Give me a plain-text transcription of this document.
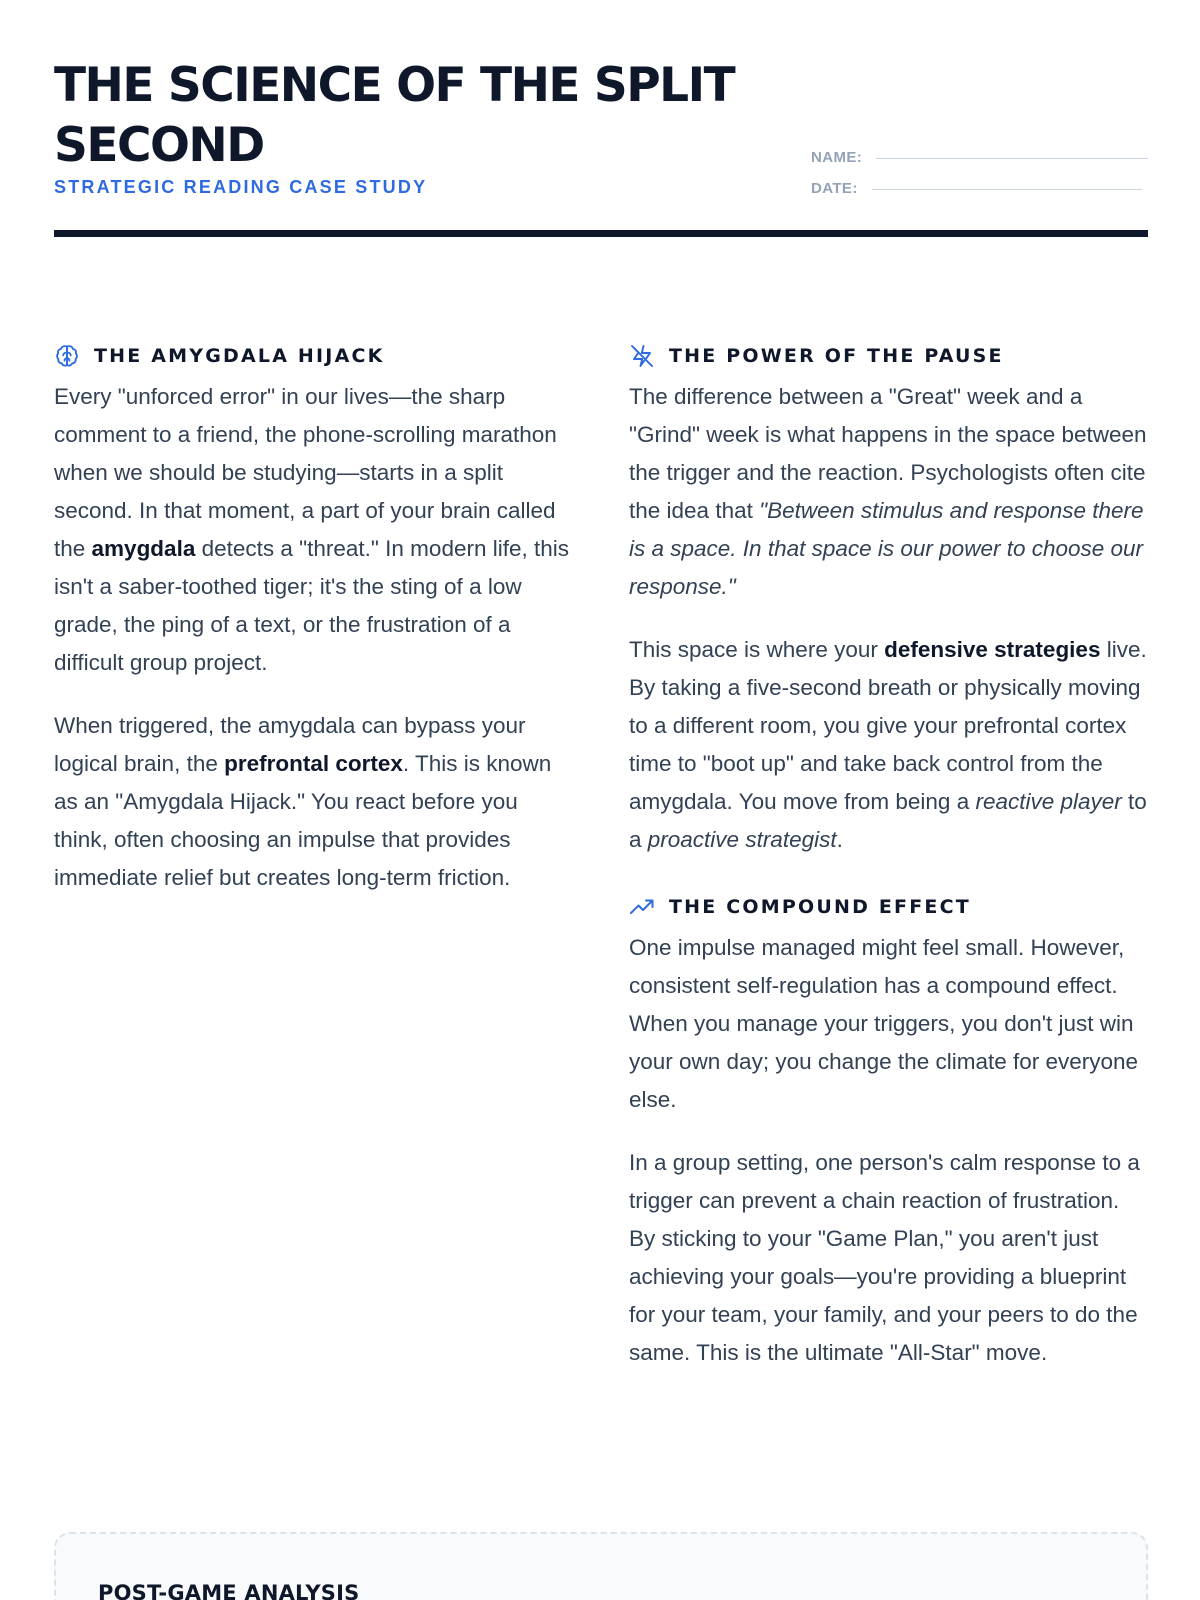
THE SCIENCE OF THE SPLIT SECOND
STRATEGIC READING CASE STUDY
NAME:
DATE:
THE AMYGDALA HIJACK

Every "unforced error" in our lives—the sharp comment to a friend, the phone-scrolling marathon when we should be studying—starts in a split second. In that moment, a part of your brain called the amygdala detects a "threat." In modern life, this isn't a saber-toothed tiger; it's the sting of a low grade, the ping of a text, or the frustration of a difficult group project.

When triggered, the amygdala can bypass your logical brain, the prefrontal cortex. This is known as an "Amygdala Hijack." You react before you think, often choosing an impulse that provides immediate relief but creates long-term friction.

THE POWER OF THE PAUSE

The difference between a "Great" week and a "Grind" week is what happens in the space between the trigger and the reaction. Psychologists often cite the idea that "Between stimulus and response there is a space. In that space is our power to choose our response."

This space is where your defensive strategies live. By taking a five-second breath or physically moving to a different room, you give your prefrontal cortex time to "boot up" and take back control from the amygdala. You move from being a reactive player to a proactive strategist.

THE COMPOUND EFFECT

One impulse managed might feel small. However, consistent self-regulation has a compound effect. When you manage your triggers, you don't just win your own day; you change the climate for everyone else.

In a group setting, one person's calm response to a trigger can prevent a chain reaction of frustration. By sticking to your "Game Plan," you aren't just achieving your goals—you're providing a blueprint for your team, your family, and your peers to do the same. This is the ultimate "All-Star" move.

POST-GAME ANALYSIS
